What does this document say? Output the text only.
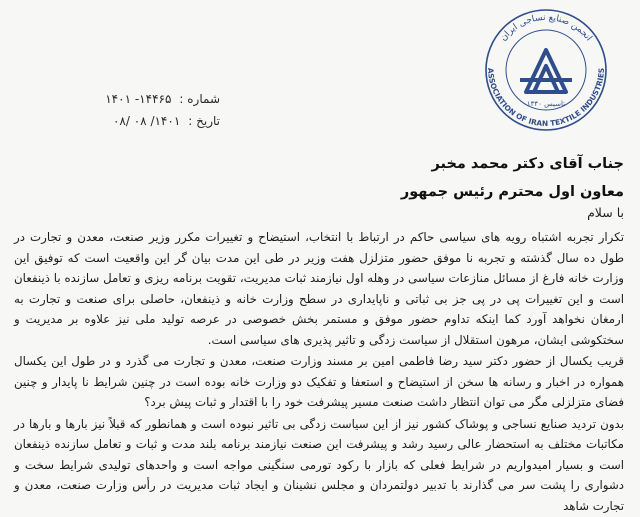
انجمن صنایع نساجی ایران
ASSOCIATION OF IRAN TEXTILE INDUSTRIES
تاسیس ۱۳۴۰
شماره :
۱۴۴۶۵- ۱۴۰۱
تاریخ :
۱۴۰۱/ ۰۸ /۰۸
جناب آقای دکتر محمد مخبر
معاون اول محترم رئیس جمهور
با سلام

تکرار تجربه اشتباه رویه های سیاسی حاکم در ارتباط با انتخاب، استیضاح و تغییرات مکرر وزیر صنعت، معدن و تجارت در طول ده سال گذشته و تجربه نا موفق حضور متزلزل هفت وزیر در طی این مدت بیان گر این واقعیت است که توفیق این وزارت خانه فارغ از مسائل منازعات سیاسی در وهله اول نیازمند ثبات مدیریت، تقویت برنامه ریزی و تعامل سازنده با ذینفعان است و این تغییرات پی در پی جز بی ثباتی و ناپایداری در سطح وزارت خانه و ذینفعان، حاصلی برای صنعت و تجارت به ارمغان نخواهد آورد کما اینکه تداوم حضور موفق و مستمر بخش خصوصی در عرصه تولید ملی نیز علاوه بر مدیریت و سختکوشی ایشان، مرهون استقلال از سیاست زدگی و تاثیر پذیری های سیاسی است.

قریب یکسال از حضور دکتر سید رضا فاطمی امین بر مسند وزارت صنعت، معدن و تجارت می گذرد و در طول این یکسال همواره در اخبار و رسانه ها سخن از استیضاح و استعفا و تفکیک دو وزارت خانه بوده است در چنین شرایط نا پایدار و چنین فضای متزلزلی مگر می توان انتظار داشت صنعت مسیر پیشرفت خود را با اقتدار و ثبات پیش برد؟

بدون تردید صنایع نساجی و پوشاک کشور نیز از این سیاست زدگی بی تاثیر نبوده است و همانطور که قبلاً نیز بارها و بارها در مکاتبات مختلف به استحضار عالی رسید رشد و پیشرفت این صنعت نیازمند برنامه بلند مدت و ثبات و تعامل سازنده ذینفعان است و بسیار امیدواریم در شرایط فعلی که بازار با رکود تورمی سنگینی مواجه است و واحدهای تولیدی شرایط سخت و دشواری را پشت سر می گذارند با تدبیر دولتمردان و مجلس نشینان و ایجاد ثبات مدیریت در رأس وزارت صنعت، معدن و تجارت شاهد
